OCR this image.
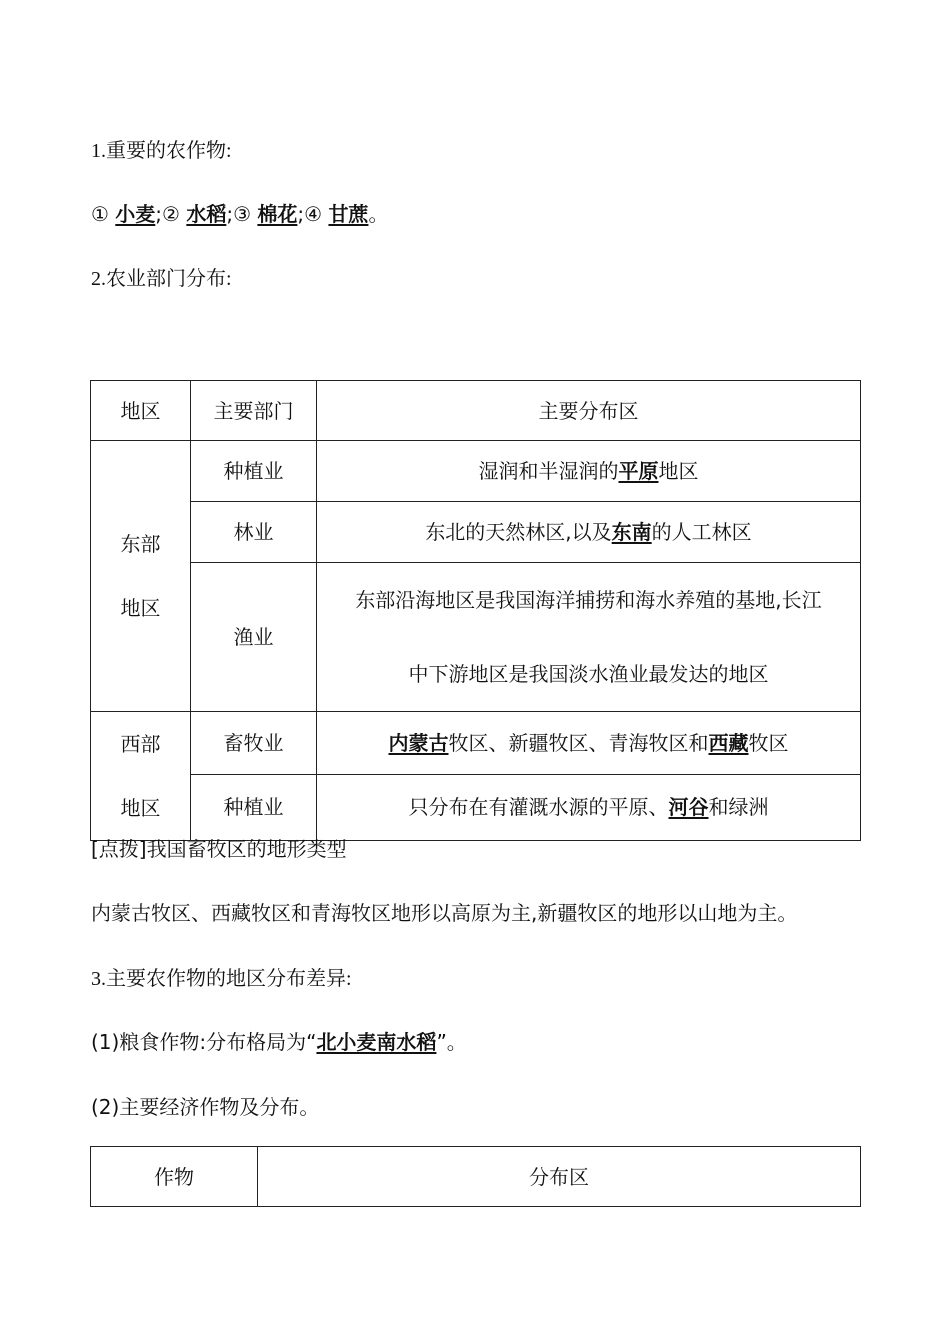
1.重要的农作物:
① 小麦;② 水稻;③ 棉花;④ 甘蔗。
2.农业部门分布:
地区	主要部门	主要分布区

东部
地区	种植业	湿润和半湿润的平原地区
	林业	东北的天然林区,以及东南的人工林区
	渔业	东部沿海地区是我国海洋捕捞和海水养殖的基地,长江
中下游地区是我国淡水渔业最发达的地区

西部
地区	畜牧业	内蒙古牧区、新疆牧区、青海牧区和西藏牧区
	种植业	只分布在有灌溉水源的平原、河谷和绿洲
[点拨]我国畜牧区的地形类型
内蒙古牧区、西藏牧区和青海牧区地形以高原为主,新疆牧区的地形以山地为主。
3.主要农作物的地区分布差异:
(1)粮食作物:分布格局为“北小麦南水稻”。
(2)主要经济作物及分布。
作物	分布区
